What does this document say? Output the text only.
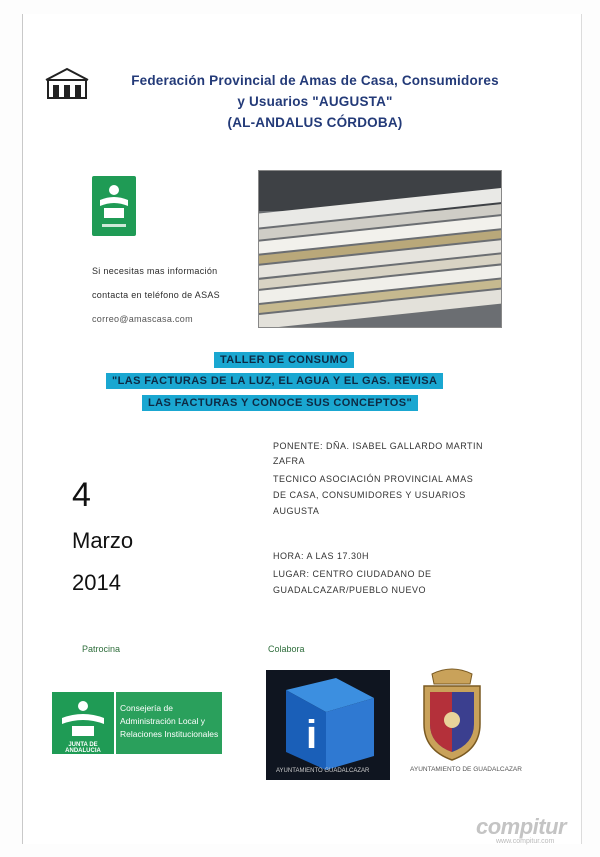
Federación Provincial de Amas de Casa, Consumidores
y Usuarios "AUGUSTA"
(AL-ANDALUS CÓRDOBA)
Si necesitas mas información
contacta en teléfono de ASAS
correo@amascasa.com
TALLER DE CONSUMO
"LAS FACTURAS DE LA LUZ, EL AGUA Y EL GAS. REVISA
LAS FACTURAS Y CONOCE SUS CONCEPTOS"
PONENTE: DÑA. ISABEL GALLARDO MARTIN
ZAFRA
TECNICO ASOCIACIÓN PROVINCIAL AMAS
DE CASA, CONSUMIDORES Y USUARIOS
AUGUSTA
HORA: A LAS 17.30H
LUGAR: CENTRO CIUDADANO DE
GUADALCAZAR/PUEBLO NUEVO
4
Marzo
2014
Patrocina	Colabora
JUNTA DE ANDALUCIA
Consejería de
Administración Local y
Relaciones Institucionales i
AYUNTAMIENTO GUADALCAZAR	AYUNTAMIENTO DE GUADALCAZAR
compitur
www.compitur.com
